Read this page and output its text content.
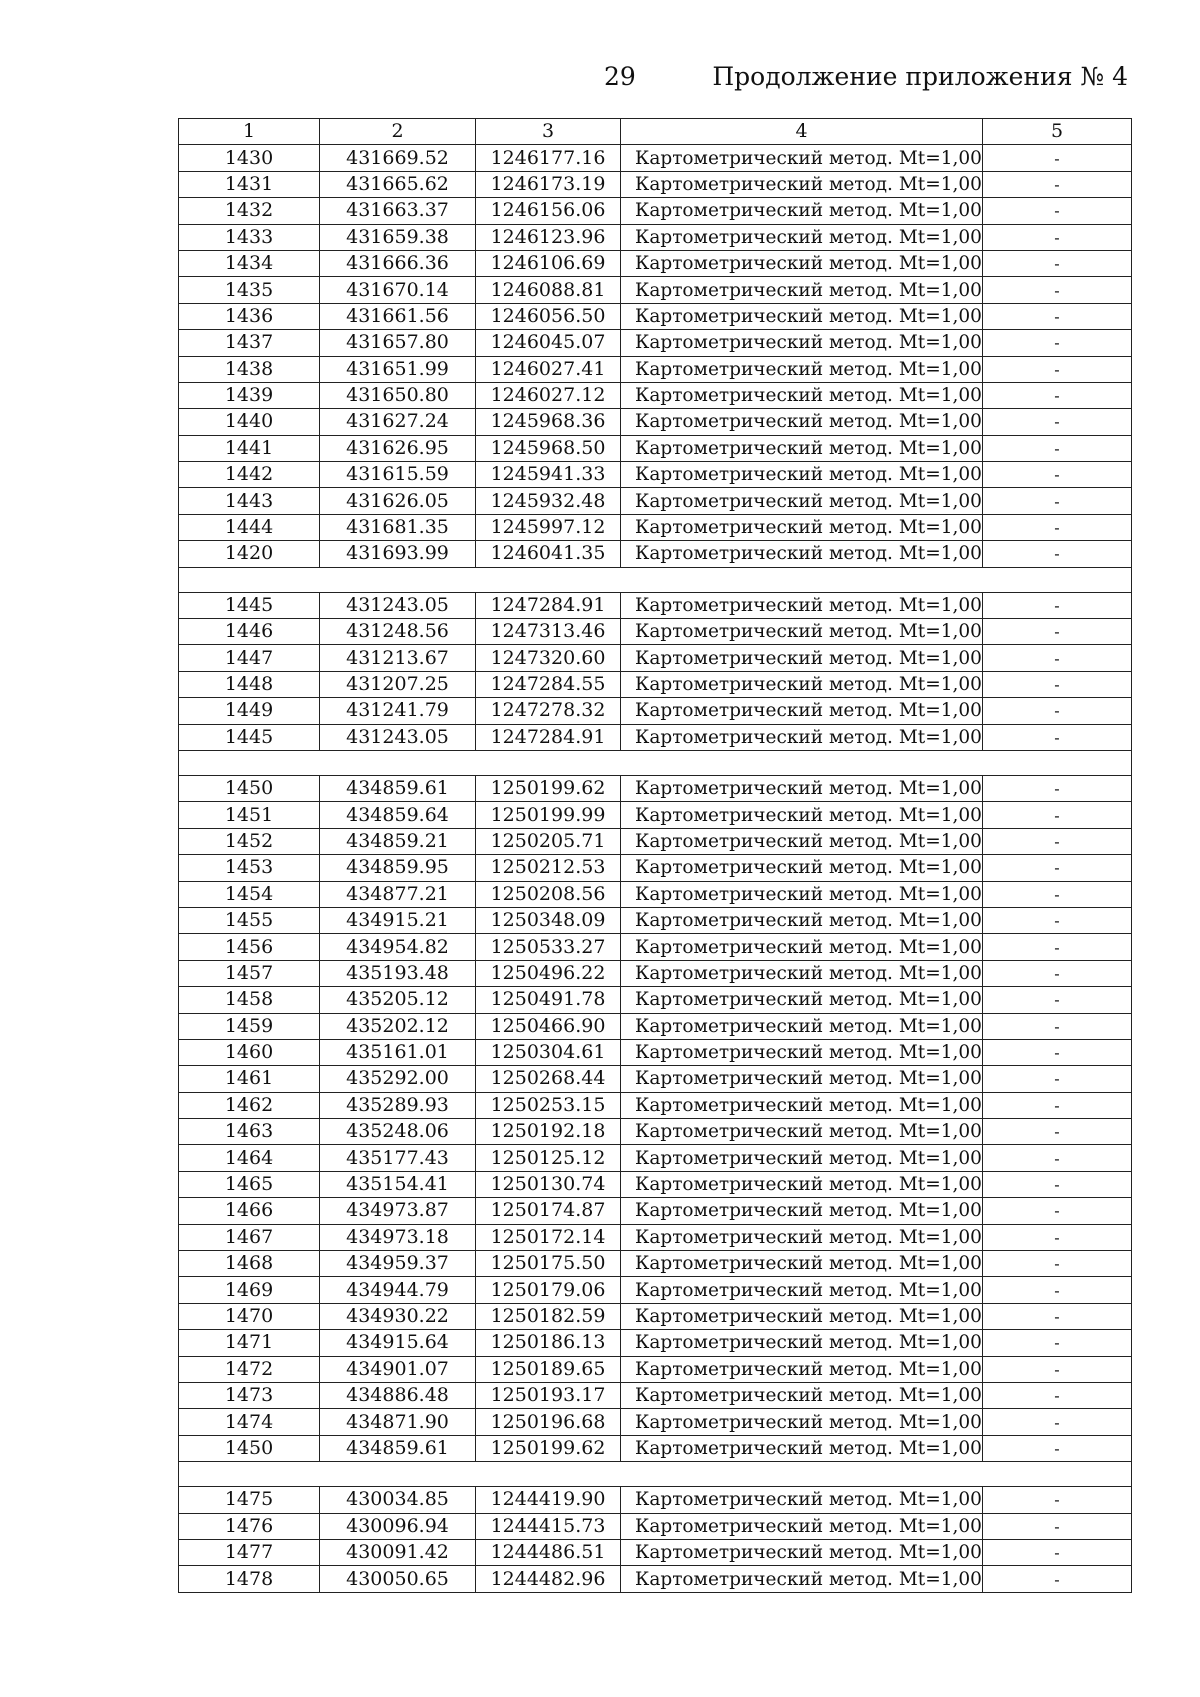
29	Продолжение приложения № 4
1	2	3	4	5
1430	431669.52	1246177.16	Картометрический метод. Mt=1,00	-
1431	431665.62	1246173.19	Картометрический метод. Mt=1,00	-
1432	431663.37	1246156.06	Картометрический метод. Mt=1,00	-
1433	431659.38	1246123.96	Картометрический метод. Mt=1,00	-
1434	431666.36	1246106.69	Картометрический метод. Mt=1,00	-
1435	431670.14	1246088.81	Картометрический метод. Mt=1,00	-
1436	431661.56	1246056.50	Картометрический метод. Mt=1,00	-
1437	431657.80	1246045.07	Картометрический метод. Mt=1,00	-
1438	431651.99	1246027.41	Картометрический метод. Mt=1,00	-
1439	431650.80	1246027.12	Картометрический метод. Mt=1,00	-
1440	431627.24	1245968.36	Картометрический метод. Mt=1,00	-
1441	431626.95	1245968.50	Картометрический метод. Mt=1,00	-
1442	431615.59	1245941.33	Картометрический метод. Mt=1,00	-
1443	431626.05	1245932.48	Картометрический метод. Mt=1,00	-
1444	431681.35	1245997.12	Картометрический метод. Mt=1,00	-
1420	431693.99	1246041.35	Картометрический метод. Mt=1,00	-

1445	431243.05	1247284.91	Картометрический метод. Mt=1,00	-
1446	431248.56	1247313.46	Картометрический метод. Mt=1,00	-
1447	431213.67	1247320.60	Картометрический метод. Mt=1,00	-
1448	431207.25	1247284.55	Картометрический метод. Mt=1,00	-
1449	431241.79	1247278.32	Картометрический метод. Mt=1,00	-
1445	431243.05	1247284.91	Картометрический метод. Mt=1,00	-

1450	434859.61	1250199.62	Картометрический метод. Mt=1,00	-
1451	434859.64	1250199.99	Картометрический метод. Mt=1,00	-
1452	434859.21	1250205.71	Картометрический метод. Mt=1,00	-
1453	434859.95	1250212.53	Картометрический метод. Mt=1,00	-
1454	434877.21	1250208.56	Картометрический метод. Mt=1,00	-
1455	434915.21	1250348.09	Картометрический метод. Mt=1,00	-
1456	434954.82	1250533.27	Картометрический метод. Mt=1,00	-
1457	435193.48	1250496.22	Картометрический метод. Mt=1,00	-
1458	435205.12	1250491.78	Картометрический метод. Mt=1,00	-
1459	435202.12	1250466.90	Картометрический метод. Mt=1,00	-
1460	435161.01	1250304.61	Картометрический метод. Mt=1,00	-
1461	435292.00	1250268.44	Картометрический метод. Mt=1,00	-
1462	435289.93	1250253.15	Картометрический метод. Mt=1,00	-
1463	435248.06	1250192.18	Картометрический метод. Mt=1,00	-
1464	435177.43	1250125.12	Картометрический метод. Mt=1,00	-
1465	435154.41	1250130.74	Картометрический метод. Mt=1,00	-
1466	434973.87	1250174.87	Картометрический метод. Mt=1,00	-
1467	434973.18	1250172.14	Картометрический метод. Mt=1,00	-
1468	434959.37	1250175.50	Картометрический метод. Mt=1,00	-
1469	434944.79	1250179.06	Картометрический метод. Mt=1,00	-
1470	434930.22	1250182.59	Картометрический метод. Mt=1,00	-
1471	434915.64	1250186.13	Картометрический метод. Mt=1,00	-
1472	434901.07	1250189.65	Картометрический метод. Mt=1,00	-
1473	434886.48	1250193.17	Картометрический метод. Mt=1,00	-
1474	434871.90	1250196.68	Картометрический метод. Mt=1,00	-
1450	434859.61	1250199.62	Картометрический метод. Mt=1,00	-

1475	430034.85	1244419.90	Картометрический метод. Mt=1,00	-
1476	430096.94	1244415.73	Картометрический метод. Mt=1,00	-
1477	430091.42	1244486.51	Картометрический метод. Mt=1,00	-
1478	430050.65	1244482.96	Картометрический метод. Mt=1,00	-
